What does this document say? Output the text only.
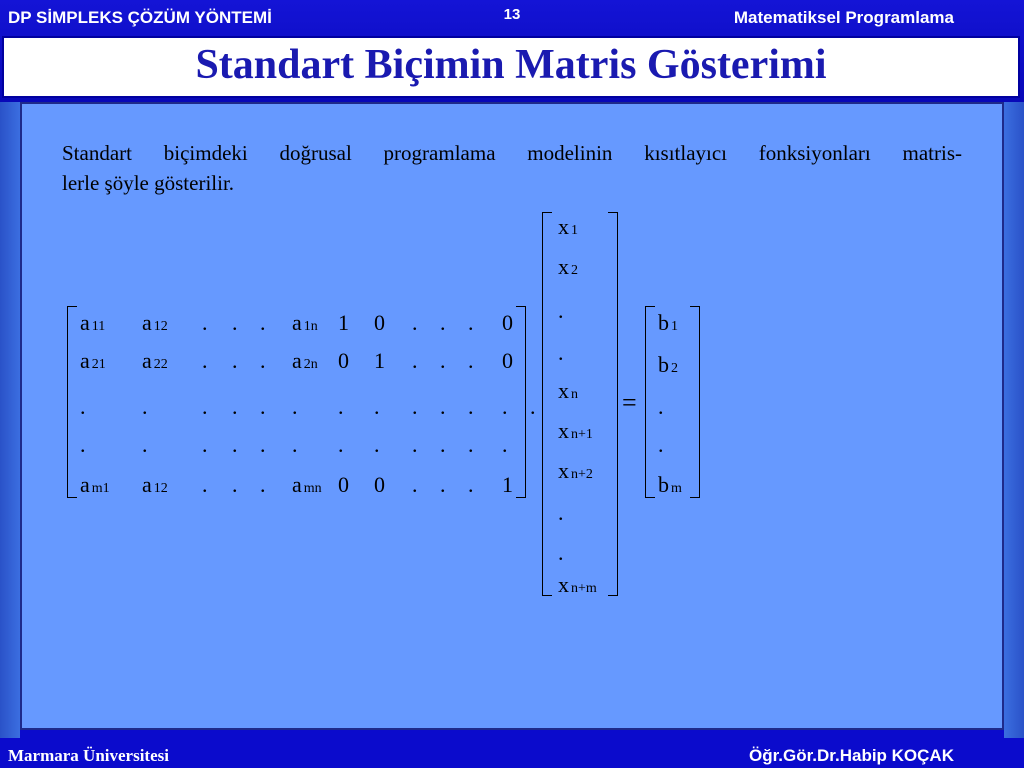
DP SİMPLEKS ÇÖZÜM YÖNTEMİ	13	Matematiksel Programlama
Standart Biçimin Matris Gösterimi
Standart biçimdeki doğrusal programlama modelinin kısıtlayıcı fonksiyonları matris-
lerle şöyle gösterilir.
a 11 a 12 . . . a 1n 1 0 . . . 0
a 21 a 22 . . . a 2n 0 1 . . . 0
.	. . . . . . . . . . .
.	. . . . . . . . . . .
am1 a 12 . . . amn 0 0 . . . 1
.
x 1
x 2
.
.
xn
xn+1
xn+2
.
.
xn+m
=
b 1
b 2
.
.
bm
Marmara Üniversitesi	Öğr.Gör.Dr.Habip KOÇAK
